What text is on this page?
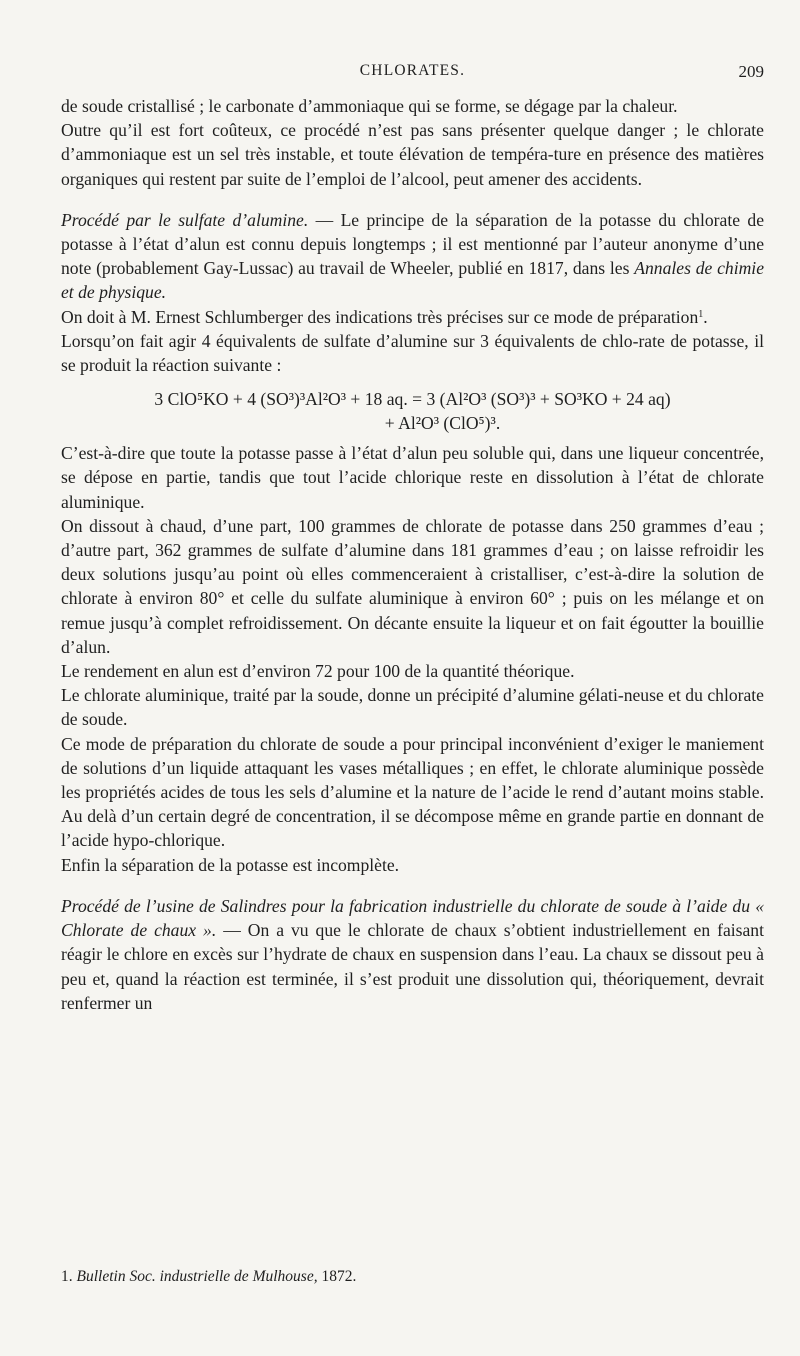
CHLORATES.	209

de soude cristallisé ; le carbonate d’ammoniaque qui se forme, se dégage par la chaleur.

Outre qu’il est fort coûteux, ce procédé n’est pas sans présenter quelque danger ; le chlorate d’ammoniaque est un sel très instable, et toute élévation de tempéra-ture en présence des matières organiques qui restent par suite de l’emploi de l’alcool, peut amener des accidents.

Procédé par le sulfate d’alumine. — Le principe de la séparation de la potasse du chlorate de potasse à l’état d’alun est connu depuis longtemps ; il est mentionné par l’auteur anonyme d’une note (probablement Gay-Lussac) au travail de Wheeler, publié en 1817, dans les Annales de chimie et de physique.

On doit à M. Ernest Schlumberger des indications très précises sur ce mode de préparation$^1$.

Lorsqu’on fait agir 4 équivalents de sulfate d’alumine sur 3 équivalents de chlo-rate de potasse, il se produit la réaction suivante :

3 ClO⁵KO + 4 (SO³)³Al²O³ + 18 aq. = 3 (Al²O³ (SO³)³ + SO³KO + 24 aq)
+ Al²O³ (ClO⁵)³.

C’est-à-dire que toute la potasse passe à l’état d’alun peu soluble qui, dans une liqueur concentrée, se dépose en partie, tandis que tout l’acide chlorique reste en dissolution à l’état de chlorate aluminique.

On dissout à chaud, d’une part, 100 grammes de chlorate de potasse dans 250 grammes d’eau ; d’autre part, 362 grammes de sulfate d’alumine dans 181 grammes d’eau ; on laisse refroidir les deux solutions jusqu’au point où elles commenceraient à cristalliser, c’est-à-dire la solution de chlorate à environ 80° et celle du sulfate aluminique à environ 60° ; puis on les mélange et on remue jusqu’à complet refroidissement. On décante ensuite la liqueur et on fait égoutter la bouillie d’alun.

Le rendement en alun est d’environ 72 pour 100 de la quantité théorique.

Le chlorate aluminique, traité par la soude, donne un précipité d’alumine gélati-neuse et du chlorate de soude.

Ce mode de préparation du chlorate de soude a pour principal inconvénient d’exiger le maniement de solutions d’un liquide attaquant les vases métalliques ; en effet, le chlorate aluminique possède les propriétés acides de tous les sels d’alumine et la nature de l’acide le rend d’autant moins stable. Au delà d’un certain degré de concentration, il se décompose même en grande partie en donnant de l’acide hypo-chlorique.

Enfin la séparation de la potasse est incomplète.

Procédé de l’usine de Salindres pour la fabrication industrielle du chlorate de soude à l’aide du « Chlorate de chaux ». — On a vu que le chlorate de chaux s’obtient industriellement en faisant réagir le chlore en excès sur l’hydrate de chaux en suspension dans l’eau. La chaux se dissout peu à peu et, quand la réaction est terminée, il s’est produit une dissolution qui, théoriquement, devrait renfermer un

1. Bulletin Soc. industrielle de Mulhouse, 1872.
